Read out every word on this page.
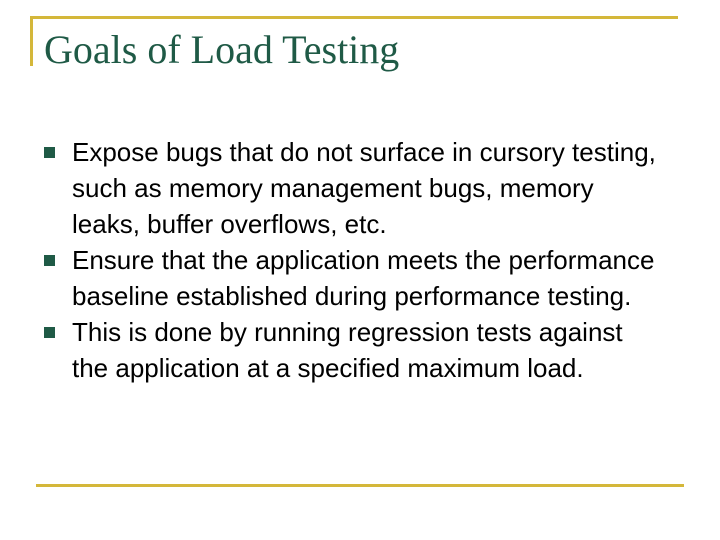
Goals of Load Testing
Expose bugs that do not surface in cursory testing, such as memory management bugs, memory leaks, buffer overflows, etc.
Ensure that the application meets the performance baseline established during performance testing.
This is done by running regression tests against the application at a specified maximum load.
